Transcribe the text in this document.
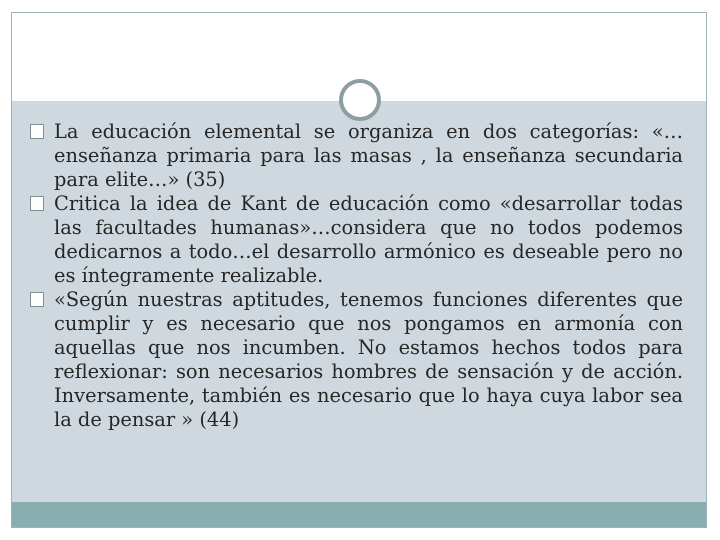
La educación elemental se organiza en dos categorías: «…enseñanza primaria para las masas , la enseñanza secundaria para elite…» (35)

Critica la idea de Kant de educación como «desarrollar todas las facultades humanas»…considera que no todos podemos dedicarnos a todo…el desarrollo armónico es deseable pero no es íntegramente realizable.

«Según nuestras aptitudes, tenemos funciones diferentes que cumplir y es necesario que nos pongamos en armonía con aquellas que nos incumben. No estamos hechos todos para reflexionar: son necesarios hombres de sensación y de acción. Inversamente, también es necesario que lo haya cuya labor sea la de pensar » (44)
